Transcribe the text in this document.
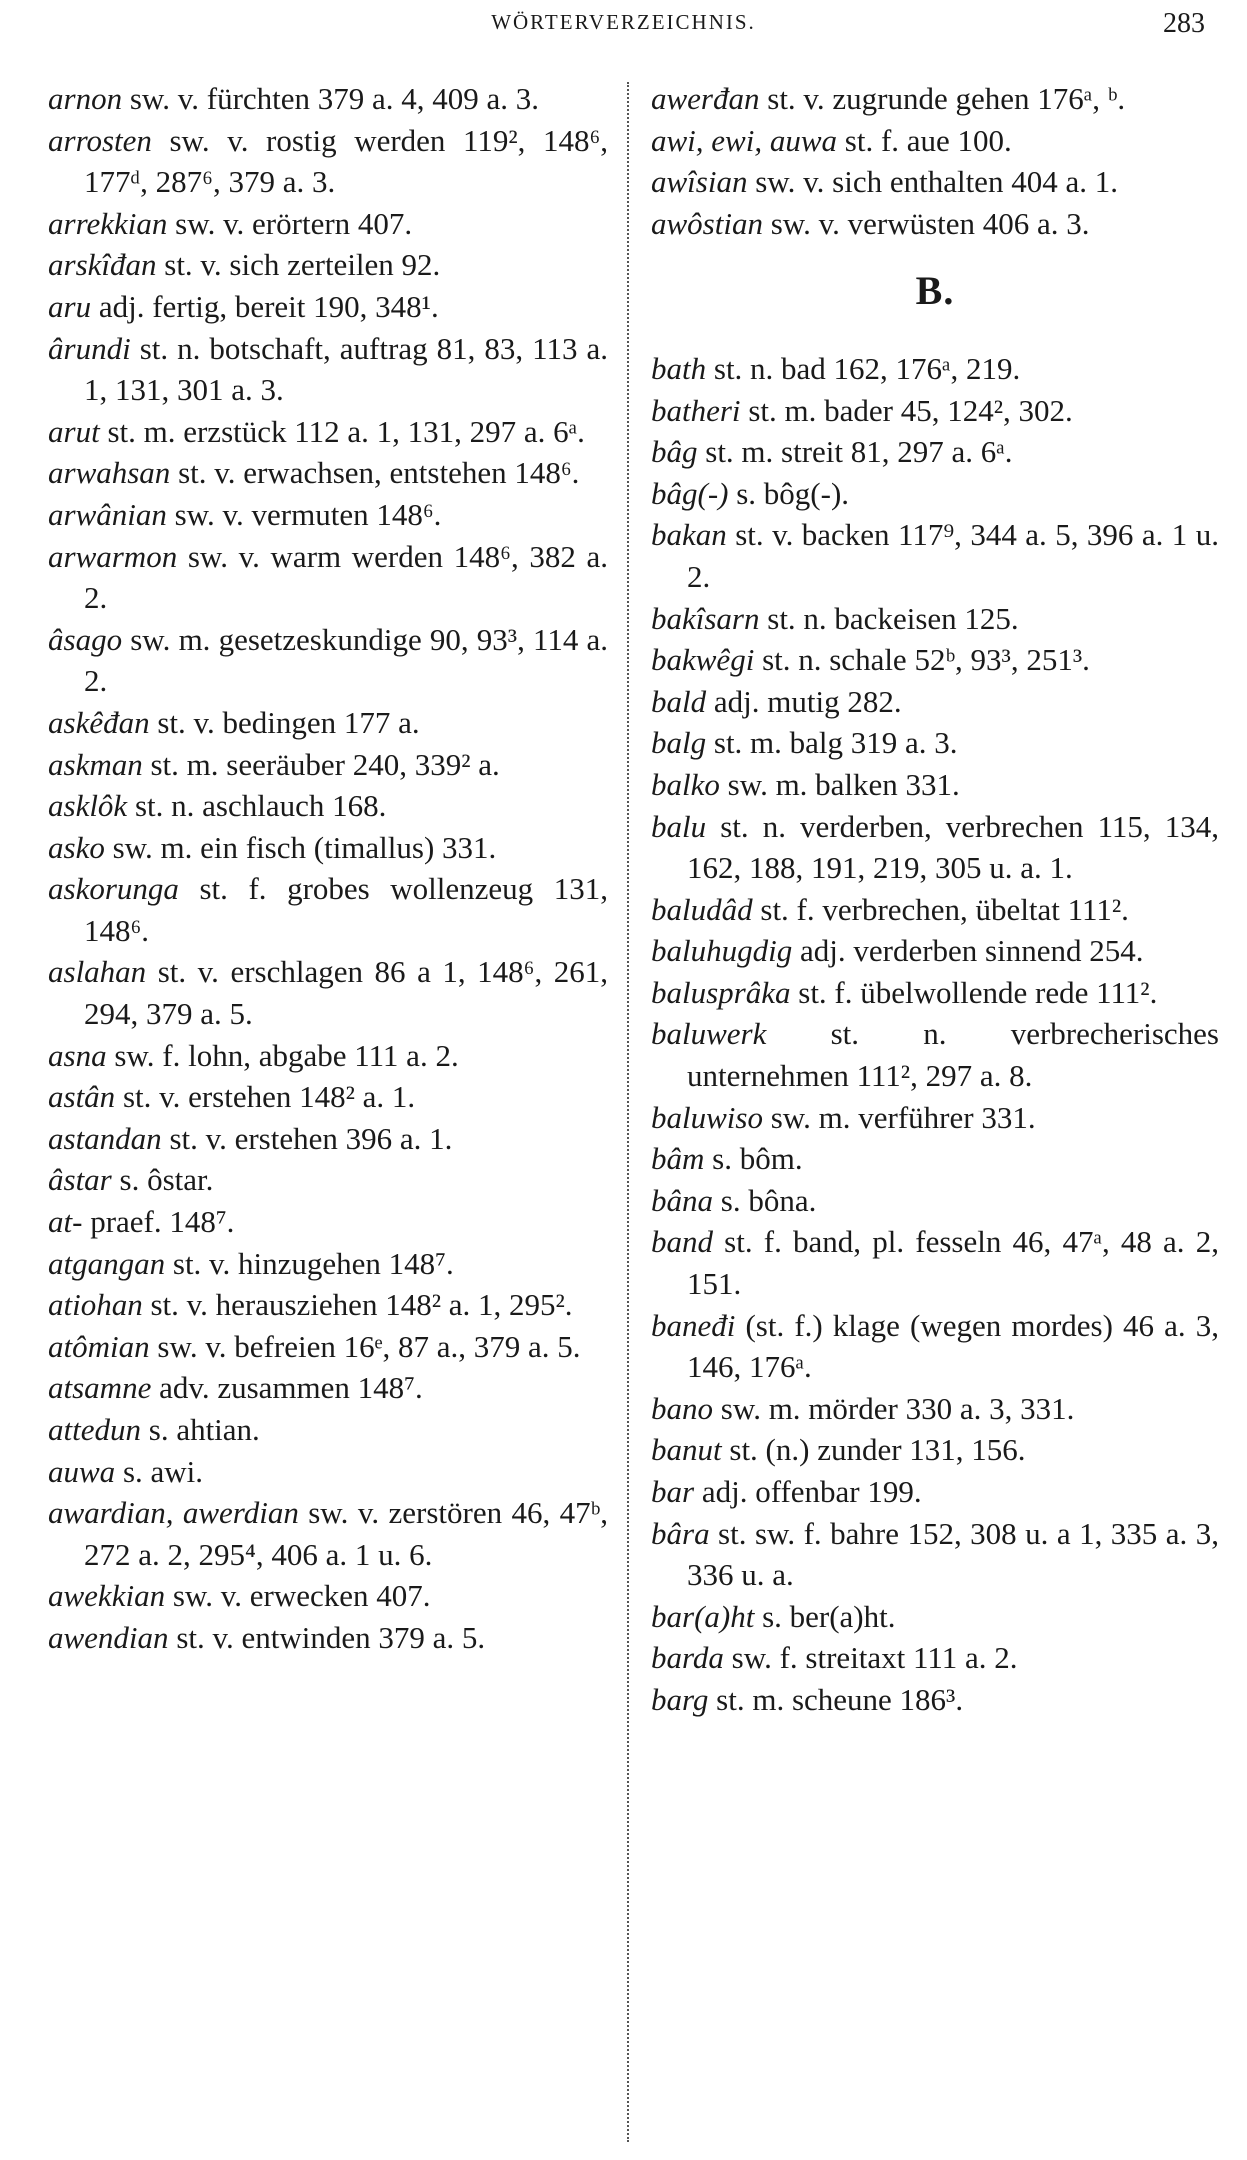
WÖRTERVERZEICHNIS.	283

arnon sw. v. fürchten 379 a. 4, 409 a. 3.

arrosten sw. v. rostig werden 119², 148⁶, 177ᵈ, 287⁶, 379 a. 3.

arrekkian sw. v. erörtern 407.

arskîđan st. v. sich zerteilen 92.

aru adj. fertig, bereit 190, 348¹.

ârundi st. n. botschaft, auftrag 81, 83, 113 a. 1, 131, 301 a. 3.

arut st. m. erzstück 112 a. 1, 131, 297 a. 6ᵃ.

arwahsan st. v. erwachsen, entstehen 148⁶.

arwânian sw. v. vermuten 148⁶.

arwarmon sw. v. warm werden 148⁶, 382 a. 2.

âsago sw. m. gesetzeskundige 90, 93³, 114 a. 2.

askêđan st. v. bedingen 177 a.

askman st. m. seeräuber 240, 339² a.

asklôk st. n. aschlauch 168.

asko sw. m. ein fisch (timallus) 331.

askorunga st. f. grobes wollenzeug 131, 148⁶.

aslahan st. v. erschlagen 86 a 1, 148⁶, 261, 294, 379 a. 5.

asna sw. f. lohn, abgabe 111 a. 2.

astân st. v. erstehen 148² a. 1.

astandan st. v. erstehen 396 a. 1.

âstar s. ôstar.

at- praef. 148⁷.

atgangan st. v. hinzugehen 148⁷.

atiohan st. v. herausziehen 148² a. 1, 295².

atômian sw. v. befreien 16ᵉ, 87 a., 379 a. 5.

atsamne adv. zusammen 148⁷.

attedun s. ahtian.

auwa s. awi.

awardian, awerdian sw. v. zerstören 46, 47ᵇ, 272 a. 2, 295⁴, 406 a. 1 u. 6.

awekkian sw. v. erwecken 407.

awendian st. v. entwinden 379 a. 5.

awerđan st. v. zugrunde gehen 176ᵃ, ᵇ.

awi, ewi, auwa st. f. aue 100.

awîsian sw. v. sich enthalten 404 a. 1.

awôstian sw. v. verwüsten 406 a. 3.

B.

bath st. n. bad 162, 176ᵃ, 219.

batheri st. m. bader 45, 124², 302.

bâg st. m. streit 81, 297 a. 6ᵃ.

bâg(-) s. bôg(-).

bakan st. v. backen 117⁹, 344 a. 5, 396 a. 1 u. 2.

bakîsarn st. n. backeisen 125.

bakwêgi st. n. schale 52ᵇ, 93³, 251³.

bald adj. mutig 282.

balg st. m. balg 319 a. 3.

balko sw. m. balken 331.

balu st. n. verderben, verbrechen 115, 134, 162, 188, 191, 219, 305 u. a. 1.

baludâd st. f. verbrechen, übeltat 111².

baluhugdig adj. verderben sinnend 254.

balusprâka st. f. übelwollende rede 111².

baluwerk st. n. verbrecherisches unternehmen 111², 297 a. 8.

baluwiso sw. m. verführer 331.

bâm s. bôm.

bâna s. bôna.

band st. f. band, pl. fesseln 46, 47ᵃ, 48 a. 2, 151.

baneđi (st. f.) klage (wegen mordes) 46 a. 3, 146, 176ᵃ.

bano sw. m. mörder 330 a. 3, 331.

banut st. (n.) zunder 131, 156.

bar adj. offenbar 199.

bâra st. sw. f. bahre 152, 308 u. a 1, 335 a. 3, 336 u. a.

bar(a)ht s. ber(a)ht.

barda sw. f. streitaxt 111 a. 2.

barg st. m. scheune 186³.
